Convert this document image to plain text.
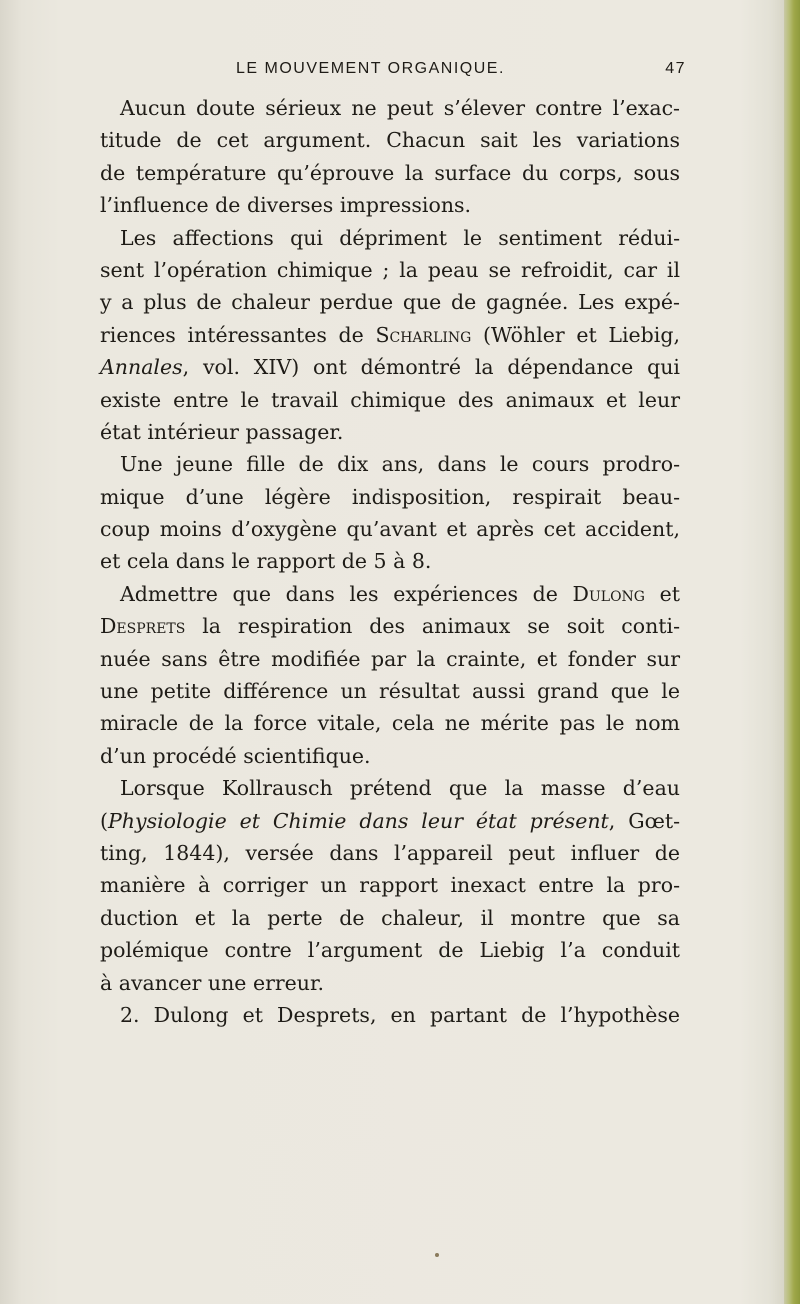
LE MOUVEMENT ORGANIQUE.	47
Aucun doute sérieux ne peut s’élever contre l’exac-
titude de cet argument. Chacun sait les variations
de température qu’éprouve la surface du corps, sous
l’influence de diverses impressions.
Les affections qui dépriment le sentiment rédui-
sent l’opération chimique ; la peau se refroidit, car il
y a plus de chaleur perdue que de gagnée. Les expé-
riences intéressantes de Scharling (Wöhler et Liebig,
Annales, vol. XIV) ont démontré la dépendance qui
existe entre le travail chimique des animaux et leur
état intérieur passager.
Une jeune fille de dix ans, dans le cours prodro-
mique d’une légère indisposition, respirait beau-
coup moins d’oxygène qu’avant et après cet accident,
et cela dans le rapport de 5 à 8.
Admettre que dans les expériences de Dulong et
Desprets la respiration des animaux se soit conti-
nuée sans être modifiée par la crainte, et fonder sur
une petite différence un résultat aussi grand que le
miracle de la force vitale, cela ne mérite pas le nom
d’un procédé scientifique.
Lorsque Kollrausch prétend que la masse d’eau
(Physiologie et Chimie dans leur état présent, Gœt-
ting, 1844), versée dans l’appareil peut influer de
manière à corriger un rapport inexact entre la pro-
duction et la perte de chaleur, il montre que sa
polémique contre l’argument de Liebig l’a conduit
à avancer une erreur.
2. Dulong et Desprets, en partant de l’hypothèse
